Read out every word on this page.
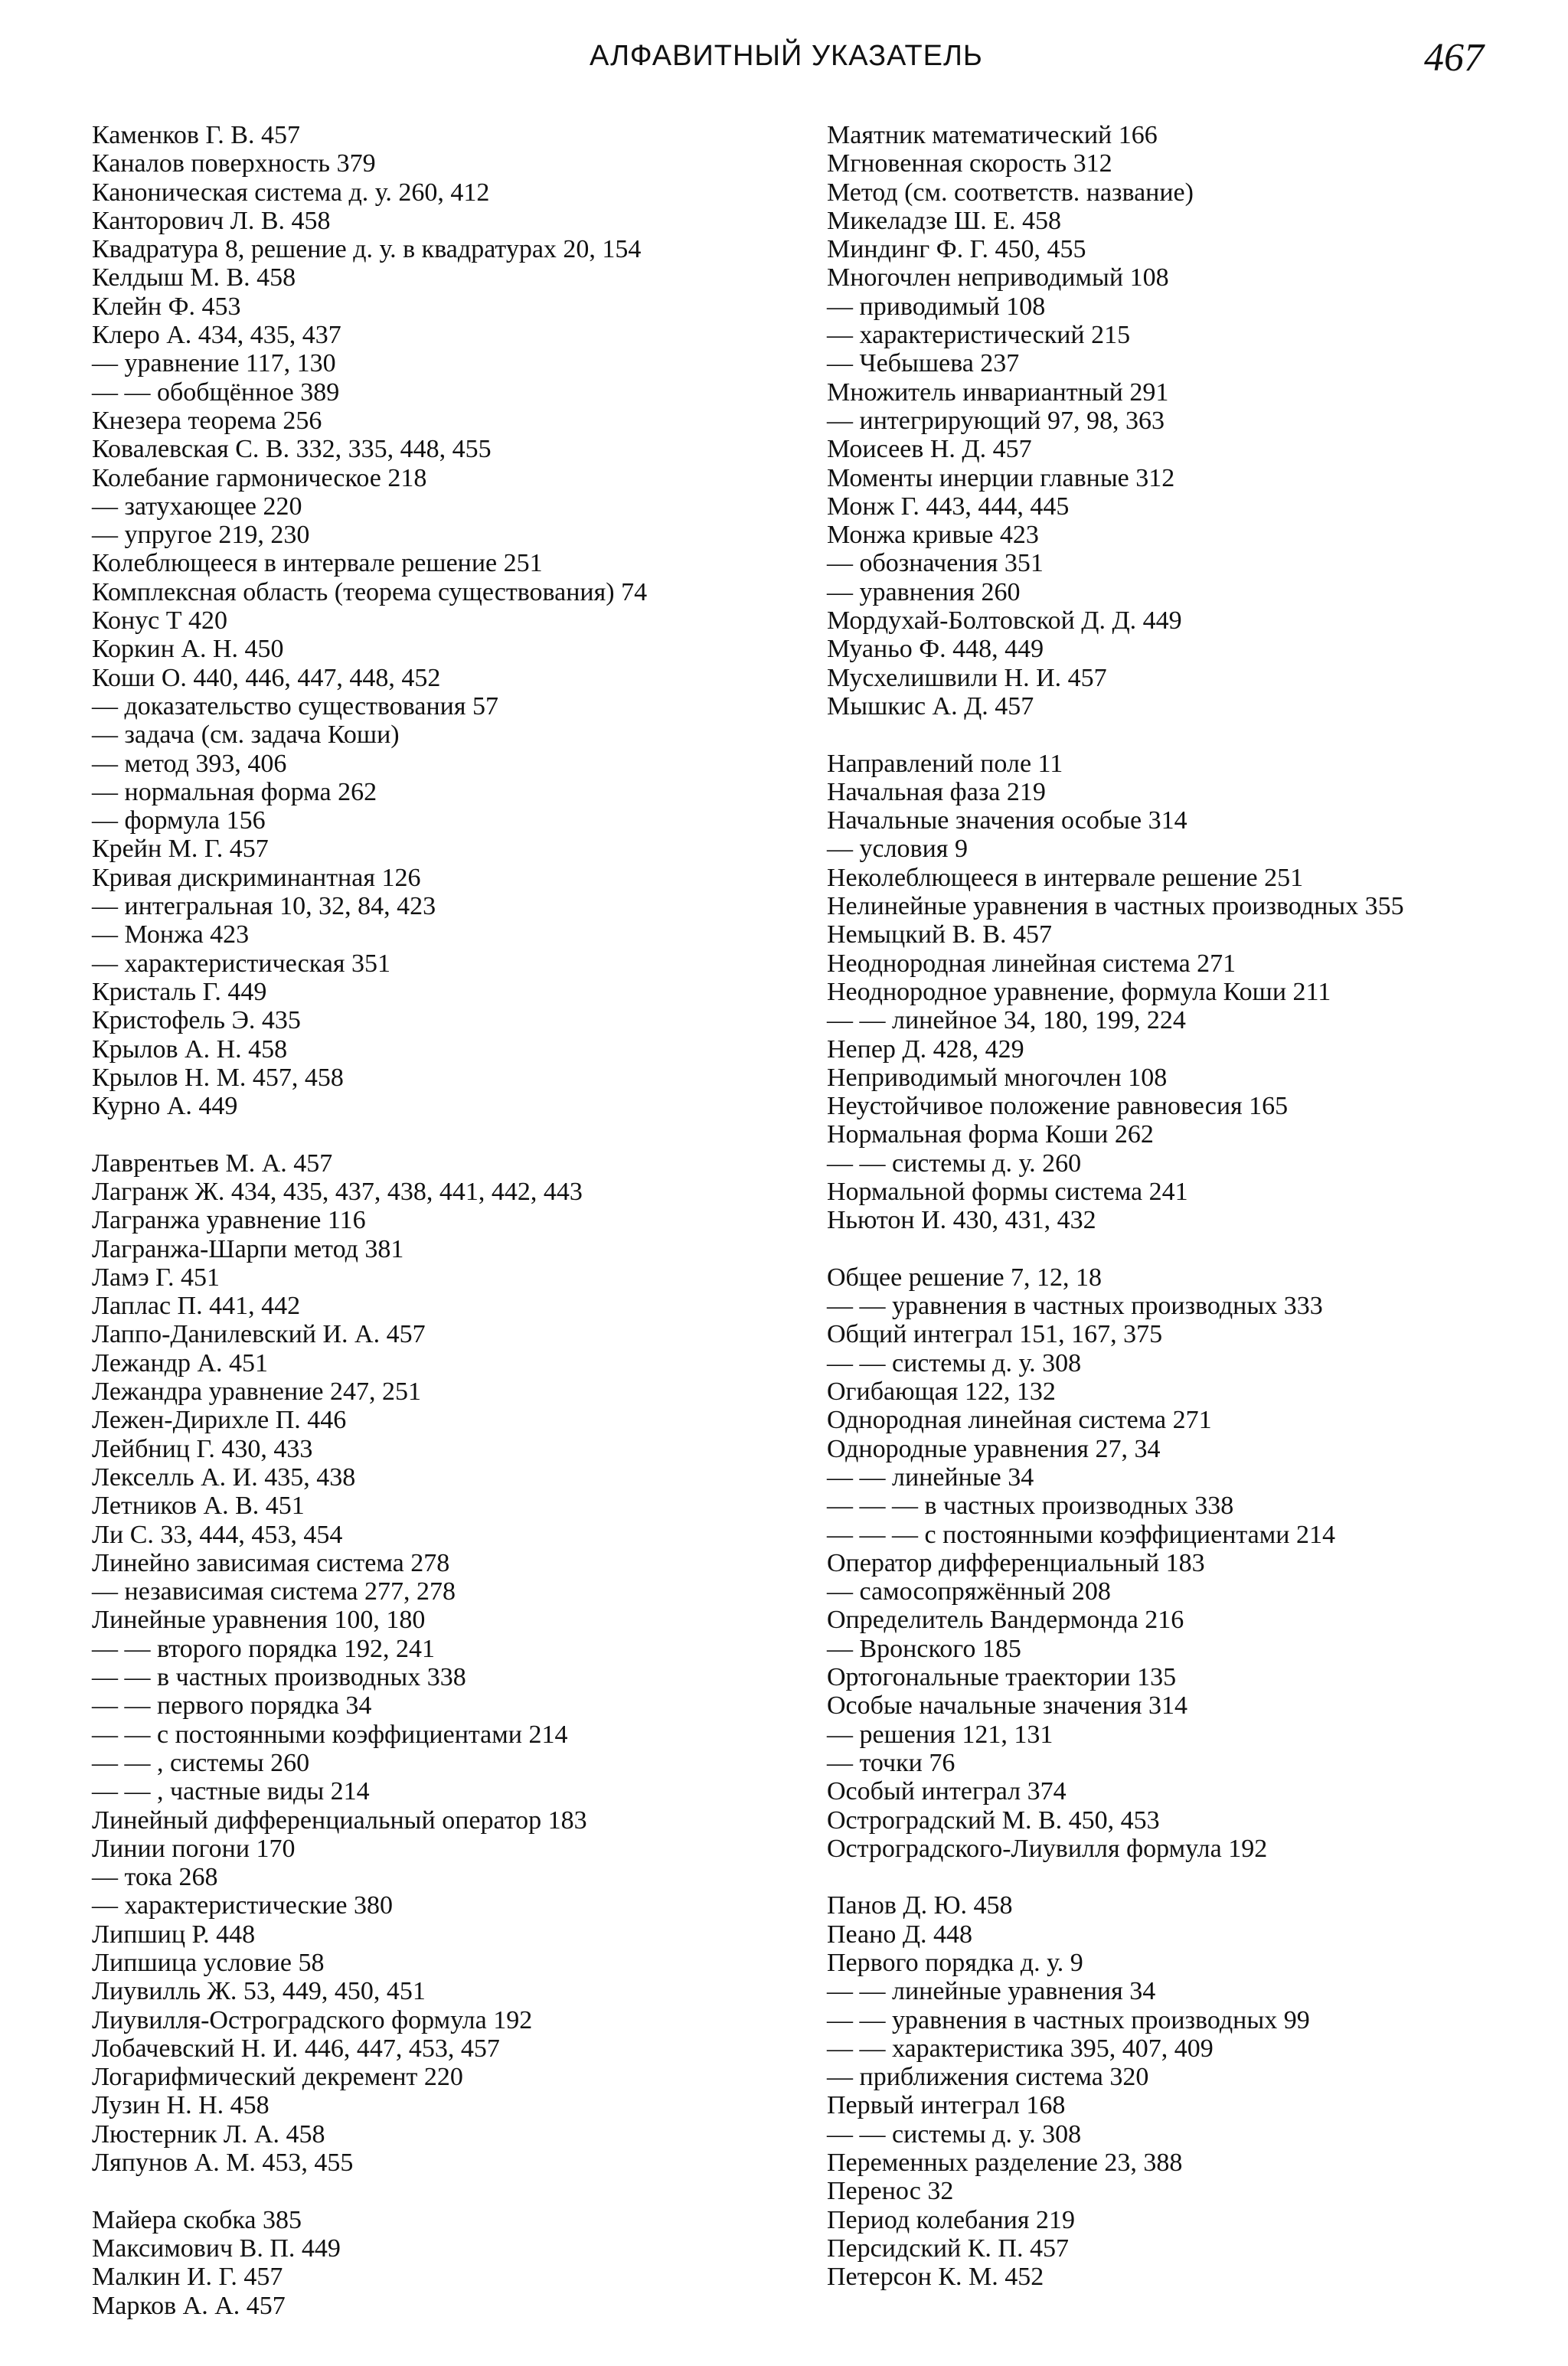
АЛФАВИТНЫЙ УКАЗАТЕЛЬ	467
Каменков Г. В. 457
Каналов поверхность 379
Каноническая система д. у. 260, 412
Канторович Л. В. 458
Квадратура 8, решение д. у. в квадратурах 20, 154
Келдыш М. В. 458
Клейн Ф. 453
Клеро А. 434, 435, 437
— уравнение 117, 130
— — обобщённое 389
Кнезера теорема 256
Ковалевская С. В. 332, 335, 448, 455
Колебание гармоническое 218
— затухающее 220
— упругое 219, 230
Колеблющееся в интервале решение 251
Комплексная область (теорема существования) 74
Конус Т 420
Коркин А. Н. 450
Коши О. 440, 446, 447, 448, 452
— доказательство существования 57
— задача (см. задача Коши)
— метод 393, 406
— нормальная форма 262
— формула 156
Крейн М. Г. 457
Кривая дискриминантная 126
— интегральная 10, 32, 84, 423
— Монжа 423
— характеристическая 351
Кристаль Г. 449
Кристофель Э. 435
Крылов А. Н. 458
Крылов Н. М. 457, 458
Курно А. 449
Лаврентьев М. А. 457
Лагранж Ж. 434, 435, 437, 438, 441, 442, 443
Лагранжа уравнение 116
Лагранжа-Шарпи метод 381
Ламэ Г. 451
Лаплас П. 441, 442
Лаппо-Данилевский И. А. 457
Лежандр А. 451
Лежандра уравнение 247, 251
Лежен-Дирихле П. 446
Лейбниц Г. 430, 433
Лекселль А. И. 435, 438
Летников А. В. 451
Ли С. 33, 444, 453, 454
Линейно зависимая система 278
— независимая система 277, 278
Линейные уравнения 100, 180
— — второго порядка 192, 241
— — в частных производных 338
— — первого порядка 34
— — с постоянными коэффициентами 214
— — , системы 260
— — , частные виды 214
Линейный дифференциальный оператор 183
Линии погони 170
— тока 268
— характеристические 380
Липшиц Р. 448
Липшица условие 58
Лиувилль Ж. 53, 449, 450, 451
Лиувилля-Остроградского формула 192
Лобачевский Н. И. 446, 447, 453, 457
Логарифмический декремент 220
Лузин Н. Н. 458
Люстерник Л. А. 458
Ляпунов А. М. 453, 455
Майера скобка 385
Максимович В. П. 449
Малкин И. Г. 457
Марков А. А. 457
Маятник математический 166
Мгновенная скорость 312
Метод (см. соответств. название)
Микеладзе Ш. Е. 458
Миндинг Ф. Г. 450, 455
Многочлен неприводимый 108
— приводимый 108
— характеристический 215
— Чебышева 237
Множитель инвариантный 291
— интегрирующий 97, 98, 363
Моисеев Н. Д. 457
Моменты инерции главные 312
Монж Г. 443, 444, 445
Монжа кривые 423
— обозначения 351
— уравнения 260
Мордухай-Болтовской Д. Д. 449
Муаньо Ф. 448, 449
Мусхелишвили Н. И. 457
Мышкис А. Д. 457
Направлений поле 11
Начальная фаза 219
Начальные значения особые 314
— условия 9
Неколеблющееся в интервале решение 251
Нелинейные уравнения в частных производных 355
Немыцкий В. В. 457
Неоднородная линейная система 271
Неоднородное уравнение, формула Коши 211
— — линейное 34, 180, 199, 224
Непер Д. 428, 429
Неприводимый многочлен 108
Неустойчивое положение равновесия 165
Нормальная форма Коши 262
— — системы д. у. 260
Нормальной формы система 241
Ньютон И. 430, 431, 432
Общее решение 7, 12, 18
— — уравнения в частных производных 333
Общий интеграл 151, 167, 375
— — системы д. у. 308
Огибающая 122, 132
Однородная линейная система 271
Однородные уравнения 27, 34
— — линейные 34
— — — в частных производных 338
— — — с постоянными коэффициентами 214
Оператор дифференциальный 183
— самосопряжённый 208
Определитель Вандермонда 216
— Вронского 185
Ортогональные траектории 135
Особые начальные значения 314
— решения 121, 131
— точки 76
Особый интеграл 374
Остроградский М. В. 450, 453
Остроградского-Лиувилля формула 192
Панов Д. Ю. 458
Пеано Д. 448
Первого порядка д. у. 9
— — линейные уравнения 34
— — уравнения в частных производных 99
— — характеристика 395, 407, 409
— приближения система 320
Первый интеграл 168
— — системы д. у. 308
Переменных разделение 23, 388
Перенос 32
Период колебания 219
Персидский К. П. 457
Петерсон К. М. 452
